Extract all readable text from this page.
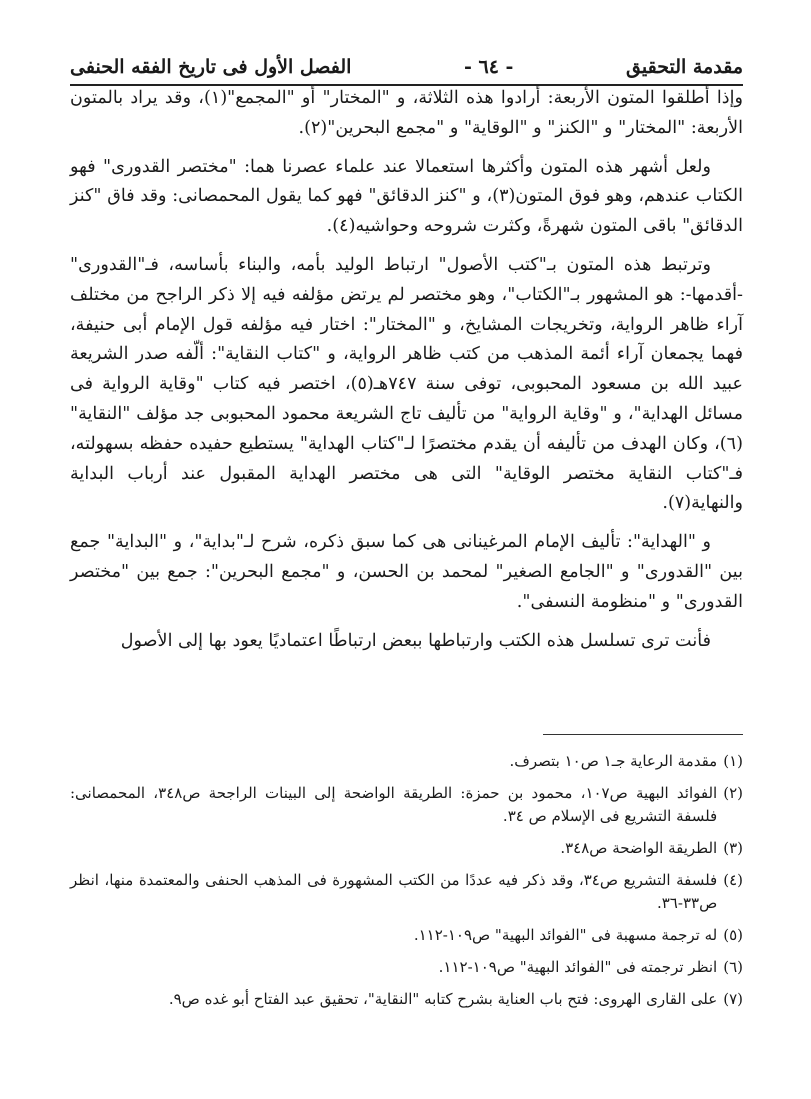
مقدمة التحقيق
- ٦٤ -
الفصل الأول فى تاريخ الفقه الحنفى

وإذا أطلقوا المتون الأربعة: أرادوا هذه الثلاثة، و "المختار" أو "المجمع"(١)، وقد يراد بالمتون الأربعة: "المختار" و "الكنز" و "الوقاية" و "مجمع البحرين"(٢).

ولعل أشهر هذه المتون وأكثرها استعمالا عند علماء عصرنا هما: "مختصر القدورى" فهو الكتاب عندهم، وهو فوق المتون(٣)، و "كنز الدقائق" فهو كما يقول المحمصانى: وقد فاق "كنز الدقائق" باقى المتون شهرةً، وكثرت شروحه وحواشيه(٤).

وترتبط هذه المتون بـ"كتب الأصول" ارتباط الوليد بأمه، والبناء بأساسه، فـ"القدورى" -أقدمها-: هو المشهور بـ"الكتاب"، وهو مختصر لم يرتض مؤلفه فيه إلا ذكر الراجح من مختلف آراء ظاهر الرواية، وتخريجات المشايخ، و "المختار": اختار فيه مؤلفه قول الإمام أبى حنيفة، فهما يجمعان آراء أئمة المذهب من كتب ظاهر الرواية، و "كتاب النقاية": ألّفه صدر الشريعة عبيد الله بن مسعود المحبوبى، توفى سنة ٧٤٧هـ(٥)، اختصر فيه كتاب "وقاية الرواية فى مسائل الهداية"، و "وقاية الرواية" من تأليف تاج الشريعة محمود المحبوبى جد مؤلف "النقاية"(٦)، وكان الهدف من تأليفه أن يقدم مختصرًا لـ"كتاب الهداية" يستطيع حفيده حفظه بسهولته، فـ"كتاب النقاية مختصر الوقاية" التى هى مختصر الهداية المقبول عند أرباب البداية والنهاية(٧).

و "الهداية": تأليف الإمام المرغينانى هى كما سبق ذكره، شرح لـ"بداية"، و "البداية" جمع بين "القدورى" و "الجامع الصغير" لمحمد بن الحسن، و "مجمع البحرين": جمع بين "مختصر القدورى" و "منظومة النسفى".

فأنت ترى تسلسل هذه الكتب وارتباطها ببعض ارتباطًا اعتماديًا يعود بها إلى الأصول

(١)
مقدمة الرعاية جـ١ ص١٠ بتصرف.
(٢)
الفوائد البهية ص١٠٧، محمود بن حمزة: الطريقة الواضحة إلى البينات الراجحة ص٣٤٨، المحمصانى: فلسفة التشريع فى الإسلام ص ٣٤.
(٣)
الطريقة الواضحة ص٣٤٨.
(٤)
فلسفة التشريع ص٣٤، وقد ذكر فيه عددًا من الكتب المشهورة فى المذهب الحنفى والمعتمدة منها، انظر ص٣٣-٣٦.
(٥)
له ترجمة مسهبة فى "الفوائد البهية" ص١٠٩-١١٢.
(٦)
انظر ترجمته فى "الفوائد البهية" ص١٠٩-١١٢.
(٧)
على القارى الهروى: فتح باب العناية بشرح كتابه "النقاية"، تحقيق عبد الفتاح أبو غده ص٩.
